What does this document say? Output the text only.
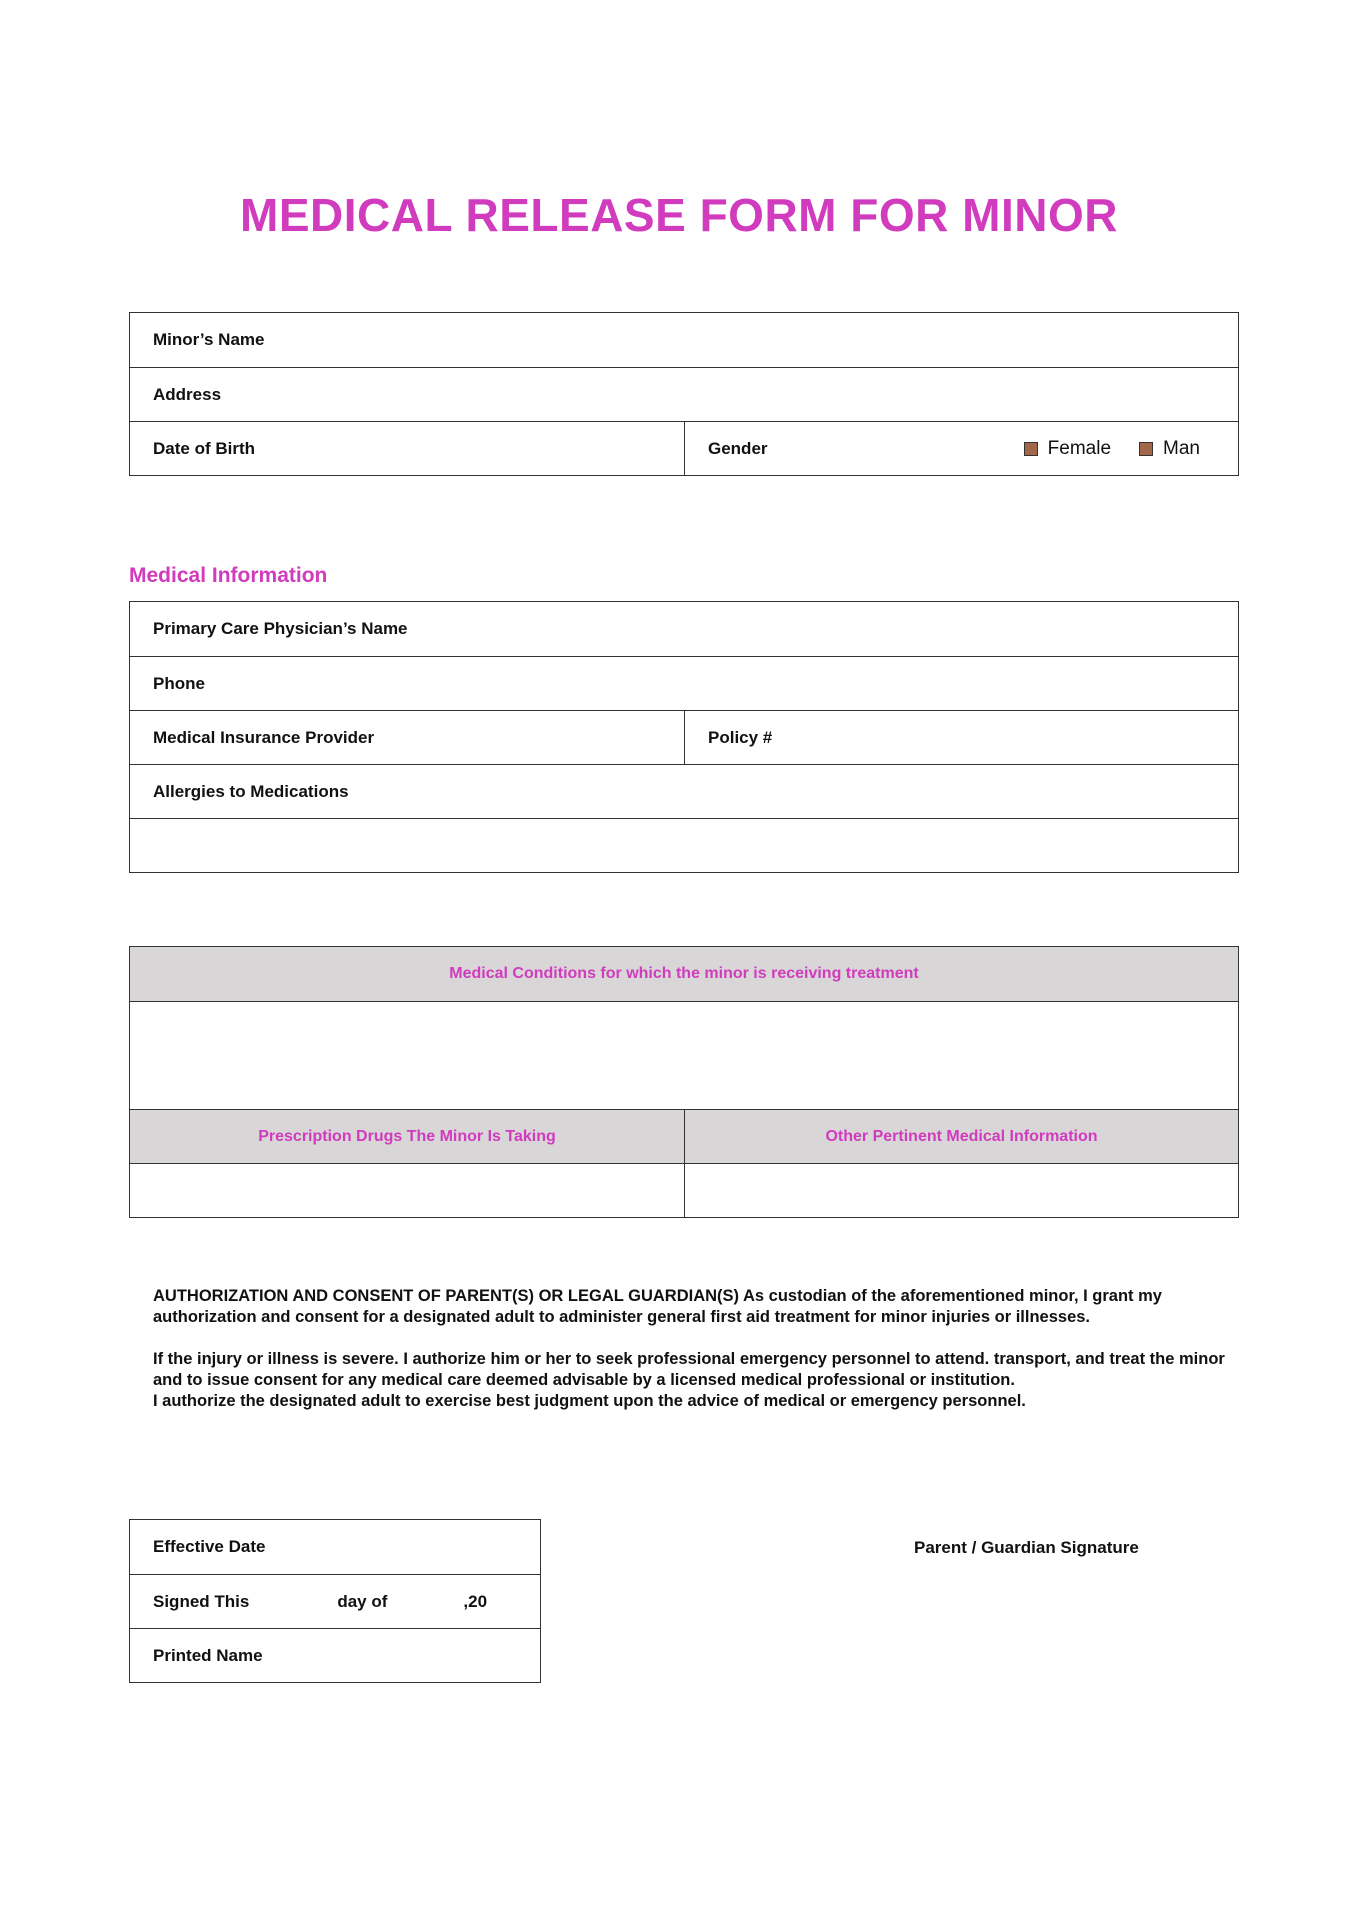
MEDICAL RELEASE FORM FOR MINOR
Minor’s Name
Address
Date of Birth	Gender	Female	Man
Medical Information
Primary Care Physician’s Name
Phone
Medical Insurance Provider	Policy #
Allergies to Medications
Medical Conditions for which the minor is receiving treatment
Prescription Drugs The Minor Is Taking	Other Pertinent Medical Information

AUTHORIZATION AND CONSENT OF PARENT(S) OR LEGAL GUARDIAN(S) As custodian of the aforementioned minor, I grant my authorization and consent for a designated adult to administer general first aid treatment for minor injuries or illnesses.

If the injury or illness is severe. I authorize him or her to seek professional emergency personnel to attend. transport, and treat the minor and to issue consent for any medical care deemed advisable by a licensed medical professional or institution.
I authorize the designated adult to exercise best judgment upon the advice of medical or emergency personnel.
Effective Date
Signed This	day of	,20
Printed Name
Parent / Guardian Signature
